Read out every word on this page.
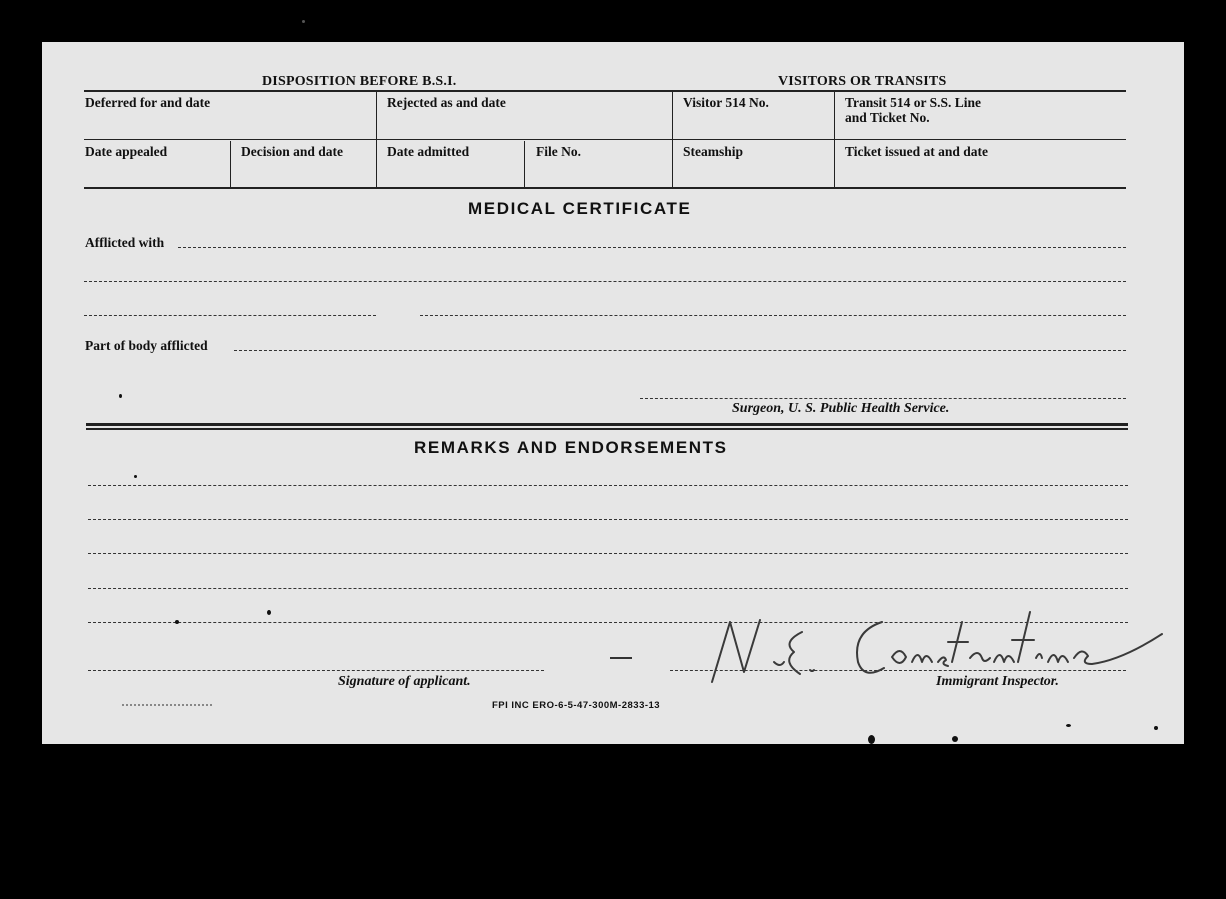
DISPOSITION BEFORE B.S.I.	VISITORS OR TRANSITS
Deferred for and date	Rejected as and date	Visitor 514 No.	Transit 514 or S.S. Line
and Ticket No.
Date appealed	Decision and date	Date admitted	File No.	Steamship	Ticket issued at and date
MEDICAL CERTIFICATE
Afflicted with
Part of body afflicted
Surgeon, U. S. Public Health Service.
REMARKS AND ENDORSEMENTS
Signature of applicant.	Immigrant Inspector.
FPI INC ERO-6-5-47-300M-2833-13
